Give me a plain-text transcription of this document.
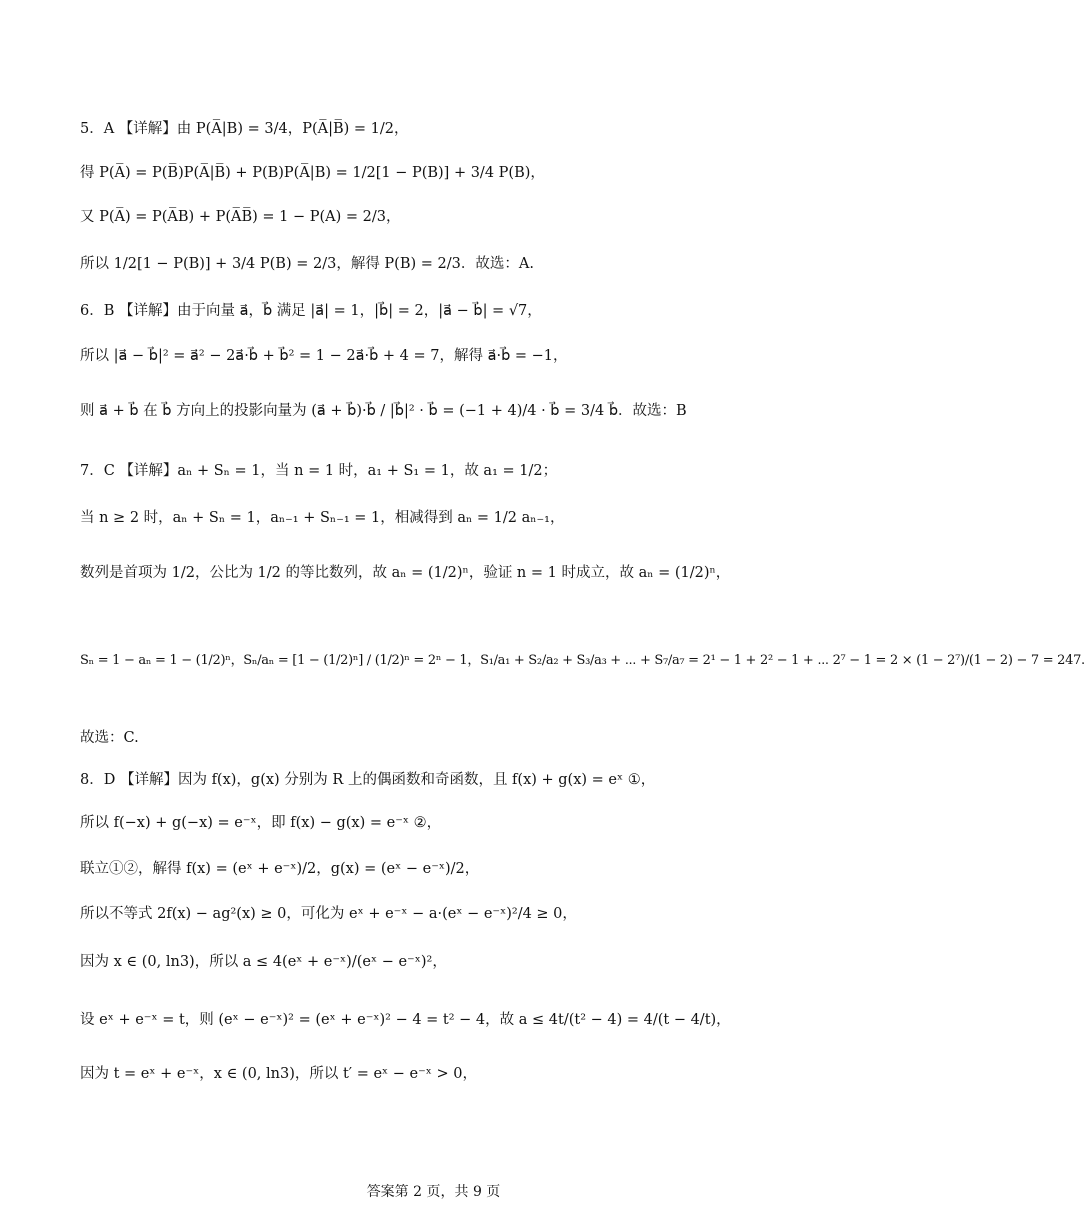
5．A 【详解】由 P(A̅|B) = 3/4，P(A̅|B̅) = 1/2，
得 P(A̅) = P(B̅)P(A̅|B̅) + P(B)P(A̅|B) = 1/2[1 − P(B)] + 3/4 P(B)，
又 P(A̅) = P(A̅B) + P(A̅B̅) = 1 − P(A) = 2/3，
所以 1/2[1 − P(B)] + 3/4 P(B) = 2/3，解得 P(B) = 2/3．故选：A.
6．B 【详解】由于向量 a⃗，b⃗ 满足 |a⃗| = 1，|b⃗| = 2，|a⃗ − b⃗| = √7，
所以 |a⃗ − b⃗|² = a⃗² − 2a⃗·b⃗ + b⃗² = 1 − 2a⃗·b⃗ + 4 = 7，解得 a⃗·b⃗ = −1，
则 a⃗ + b⃗ 在 b⃗ 方向上的投影向量为 (a⃗ + b⃗)·b⃗ / |b⃗|² · b⃗ = (−1 + 4)/4 · b⃗ = 3/4 b⃗．故选：B
7．C 【详解】aₙ + Sₙ = 1，当 n = 1 时，a₁ + S₁ = 1，故 a₁ = 1/2；
当 n ≥ 2 时，aₙ + Sₙ = 1，aₙ₋₁ + Sₙ₋₁ = 1，相减得到 aₙ = 1/2 aₙ₋₁，
数列是首项为 1/2，公比为 1/2 的等比数列，故 aₙ = (1/2)ⁿ，验证 n = 1 时成立，故 aₙ = (1/2)ⁿ，
Sₙ = 1 − aₙ = 1 − (1/2)ⁿ，Sₙ/aₙ = [1 − (1/2)ⁿ] / (1/2)ⁿ = 2ⁿ − 1，S₁/a₁ + S₂/a₂ + S₃/a₃ + ⋯ + S₇/a₇ = 2¹ − 1 + 2² − 1 + ⋯ 2⁷ − 1 = 2 × (1 − 2⁷)/(1 − 2) − 7 = 247.
故选：C.
8．D 【详解】因为 f(x)，g(x) 分别为 R 上的偶函数和奇函数，且 f(x) + g(x) = eˣ ①，
所以 f(−x) + g(−x) = e⁻ˣ，即 f(x) − g(x) = e⁻ˣ ②，
联立①②，解得 f(x) = (eˣ + e⁻ˣ)/2，g(x) = (eˣ − e⁻ˣ)/2，
所以不等式 2f(x) − ag²(x) ≥ 0，可化为 eˣ + e⁻ˣ − a·(eˣ − e⁻ˣ)²/4 ≥ 0，
因为 x ∈ (0, ln3)，所以 a ≤ 4(eˣ + e⁻ˣ)/(eˣ − e⁻ˣ)²，
设 eˣ + e⁻ˣ = t，则 (eˣ − e⁻ˣ)² = (eˣ + e⁻ˣ)² − 4 = t² − 4，故 a ≤ 4t/(t² − 4) = 4/(t − 4/t)，
因为 t = eˣ + e⁻ˣ，x ∈ (0, ln3)，所以 t′ = eˣ − e⁻ˣ > 0，
答案第 2 页，共 9 页
